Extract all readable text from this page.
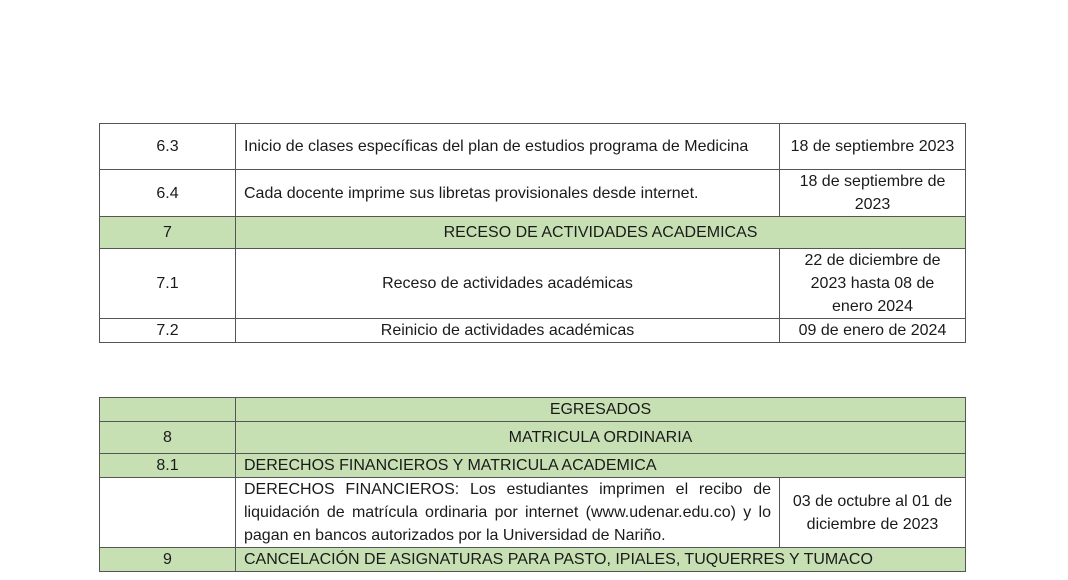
6.3	Inicio de clases específicas del plan de estudios programa de Medicina	18 de septiembre 2023
6.4	Cada docente imprime sus libretas provisionales desde internet.	18 de septiembre de 2023
7	RECESO DE ACTIVIDADES ACADEMICAS	
7.1	Receso de actividades académicas	22 de diciembre de 2023 hasta 08 de enero 2024
7.2	Reinicio de actividades académicas	09 de enero de 2024
	EGRESADOS	
8	MATRICULA ORDINARIA	
8.1	DERECHOS FINANCIEROS Y MATRICULA ACADEMICA	
	DERECHOS FINANCIEROS: Los estudiantes imprimen el recibo de liquidación de matrícula ordinaria por internet (www.udenar.edu.co) y lo pagan en bancos autorizados por la Universidad de Nariño.	03 de octubre al 01 de diciembre de 2023
9	CANCELACIÓN DE ASIGNATURAS PARA PASTO, IPIALES, TUQUERRES Y TUMACO	
